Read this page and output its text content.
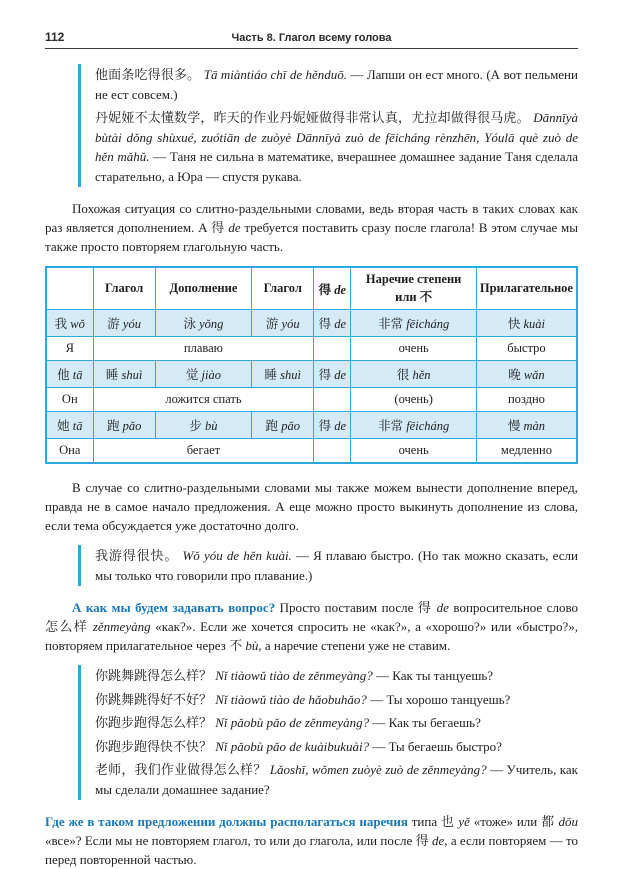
112	Часть 8. Глагол всему голова

他面条吃得很多。 Tā miàntiáo chī de hěnduō. — Лапши он ест много. (А вот пельмени не ест совсем.)

丹妮娅不太懂数学，昨天的作业丹妮娅做得非常认真，尤拉却做得很马虎。 Dānnīyà bùtài dǒng shùxué, zuótiān de zuòyè Dānnīyà zuò de fēicháng rènzhēn, Yóulā què zuò de hěn mǎhǔ. — Таня не сильна в математике, вчерашнее домашнее задание Таня сделала старательно, а Юра — спустя рукава.

Похожая ситуация со слитно-раздельными словами, ведь вторая часть в таких словах как раз является дополнением. А 得 de требуется поставить сразу после глагола! В этом случае мы также просто повторяем глагольную часть.

	Глагол	Дополнение	Глагол	得 de	Наречие степени или 不	Прилагательное
我 wǒ	游 yóu	泳 yǒng	游 yóu	得 de	非常 fēicháng	快 kuài
Я	плаваю				очень	быстро
他 tā	睡 shuì	觉 jiào	睡 shuì	得 de	很 hěn	晚 wǎn
Он	ложится спать				(очень)	поздно
她 tā	跑 pǎo	步 bù	跑 pǎo	得 de	非常 fēicháng	慢 màn
Она	бегает				очень	медленно

В случае со слитно-раздельными словами мы также можем вынести дополнение вперед, правда не в самое начало предложения. А еще можно просто выкинуть дополнение из слова, если тема обсуждается уже достаточно долго.

我游得很快。 Wǒ yóu de hěn kuài. — Я плаваю быстро. (Но так можно сказать, если мы только что говорили про плавание.)

А как мы будем задавать вопрос? Просто поставим после 得 de вопросительное слово 怎么样 zěnmeyàng «как?». Если же хочется спросить не «как?», а «хорошо?» или «быстро?», повторяем прилагательное через 不 bù, а наречие степени уже не ставим.

你跳舞跳得怎么样？ Nǐ tiàowǔ tiào de zěnmeyàng? — Как ты танцуешь?

你跳舞跳得好不好？ Nǐ tiàowǔ tiào de hǎobuhǎo? — Ты хорошо танцуешь?

你跑步跑得怎么样？ Nǐ pǎobù pǎo de zěnmeyàng? — Как ты бегаешь?

你跑步跑得快不快？ Nǐ pǎobù pǎo de kuàibukuài? — Ты бегаешь быстро?

老师，我们作业做得怎么样？ Lǎoshī, wǒmen zuòyè zuò de zěnmeyàng? — Учитель, как мы сделали домашнее задание?

Где же в таком предложении должны располагаться наречия типа 也 yě «тоже» или 都 dōu «все»? Если мы не повторяем глагол, то или до глагола, или после 得 de, а если повторяем — то перед повторенной частью.
